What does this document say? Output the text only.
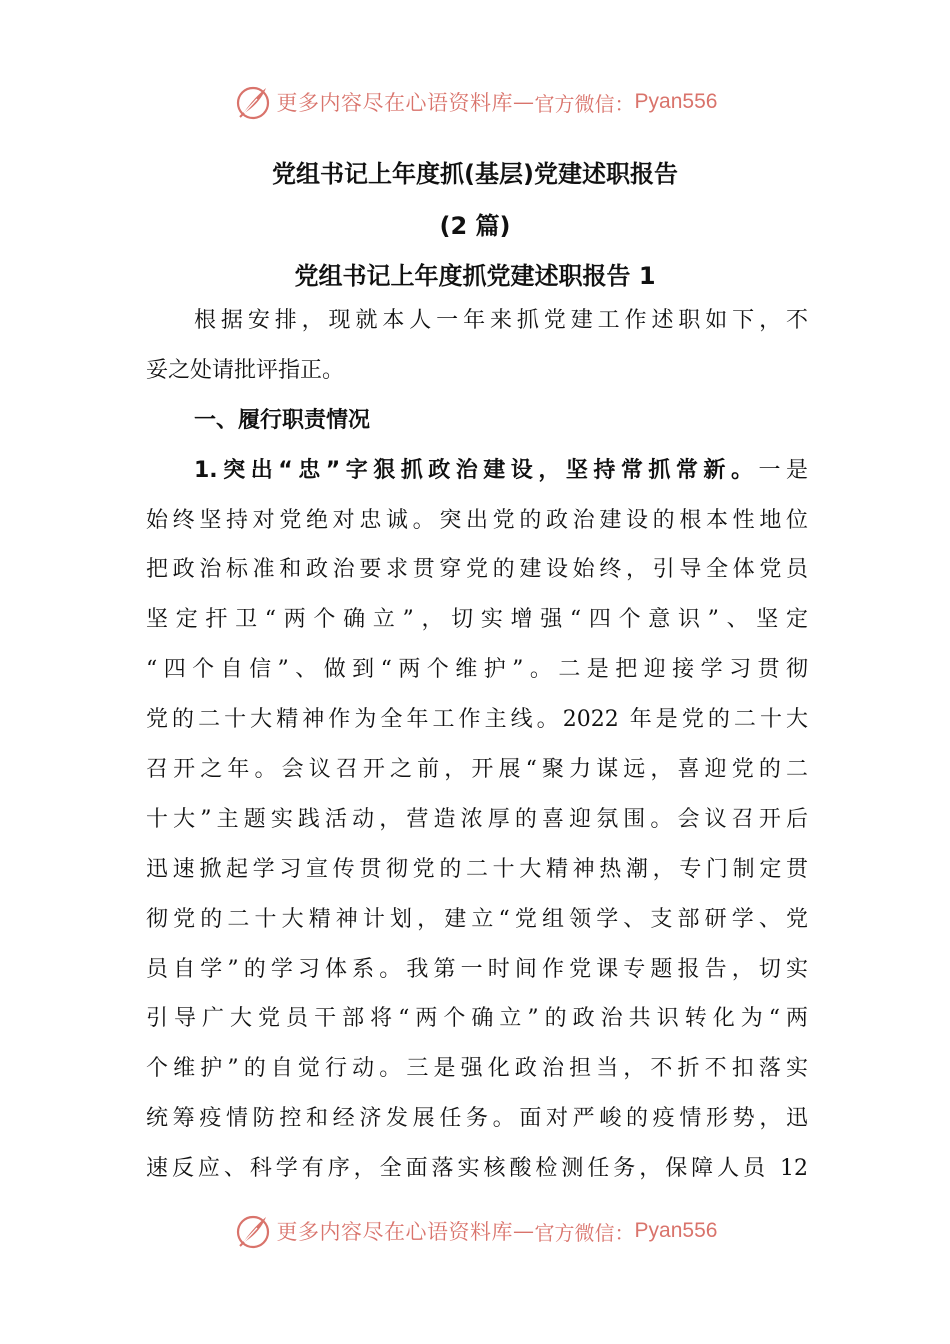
更多内容尽在心语资料库 — 官方微信： Pyan556
党组书记上年度抓(基层)党建述职报告
(2 篇)
党组书记上年度抓党建述职报告 1
根据安排，现就本人一年来抓党建工作述职如下，不
妥之处请批评指正。
一、履行职责情况
1.突出“忠”字狠抓政治建设，坚持常抓常新。一是
始终坚持对党绝对忠诚。突出党的政治建设的根本性地位
把政治标准和政治要求贯穿党的建设始终，引导全体党员
坚定扞卫“两个确立”，切实增强“四个意识”、坚定
“四个自信”、做到“两个维护”。二是把迎接学习贯彻
党的二十大精神作为全年工作主线。2022 年是党的二十大
召开之年。会议召开之前，开展“聚力谋远，喜迎党的二
十大”主题实践活动，营造浓厚的喜迎氛围。会议召开后
迅速掀起学习宣传贯彻党的二十大精神热潮，专门制定贯
彻党的二十大精神计划，建立“党组领学、支部研学、党
员自学”的学习体系。我第一时间作党课专题报告，切实
引导广大党员干部将“两个确立”的政治共识转化为“两
个维护”的自觉行动。三是强化政治担当，不折不扣落实
统筹疫情防控和经济发展任务。面对严峻的疫情形势，迅
速反应、科学有序，全面落实核酸检测任务，保障人员 12
更多内容尽在心语资料库 — 官方微信： Pyan556
